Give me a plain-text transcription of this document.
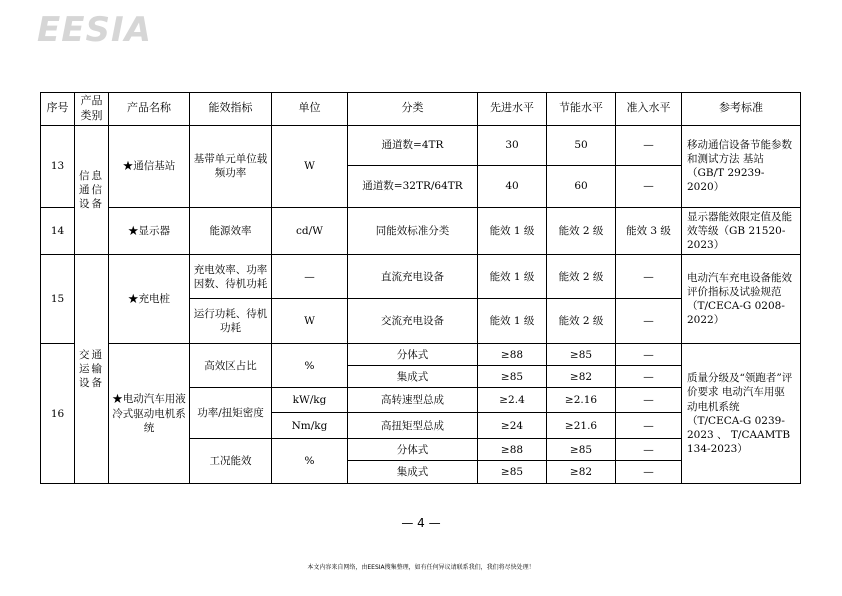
EESIA
序号	产品类别	产品名称	能效指标	单位	分类	先进水平	节能水平	准入水平	参考标准
13	信息通信设备	★通信基站	基带单元单位载频功率	W	通道数=4TR	30	50	—	移动通信设备节能参数和测试方法 基站（GB/T 29239-2020）
					通道数=32TR/64TR	40	60	—	
14		★显示器	能源效率	cd/W	同能效标准分类	能效 1 级	能效 2 级	能效 3 级	显示器能效限定值及能效等级（GB 21520-2023）
15	交通运输设备	★充电桩	充电效率、功率因数、待机功耗	—	直流充电设备	能效 1 级	能效 2 级	—	电动汽车充电设备能效评价指标及试验规范（T/CECA-G 0208-2022）
			运行功耗、待机功耗	W	交流充电设备	能效 1 级	能效 2 级	—	
16		★电动汽车用液冷式驱动电机系统	高效区占比	%	分体式	≥88	≥85	—	质量分级及“领跑者”评价要求 电动汽车用驱动电机系统（T/CECA-G 0239-2023 、 T/CAAMTB 134-2023）
					集成式	≥85	≥82	—	
			功率/扭矩密度	kW/kg	高转速型总成	≥2.4	≥2.16	—	
				Nm/kg	高扭矩型总成	≥24	≥21.6	—	
			工况能效	%	分体式	≥88	≥85	—	
					集成式	≥85	≥82	—	
— 4 —
本文内容来自网络，由EESIA搜集整理，如有任何异议请联系我们，我们将尽快处理！
